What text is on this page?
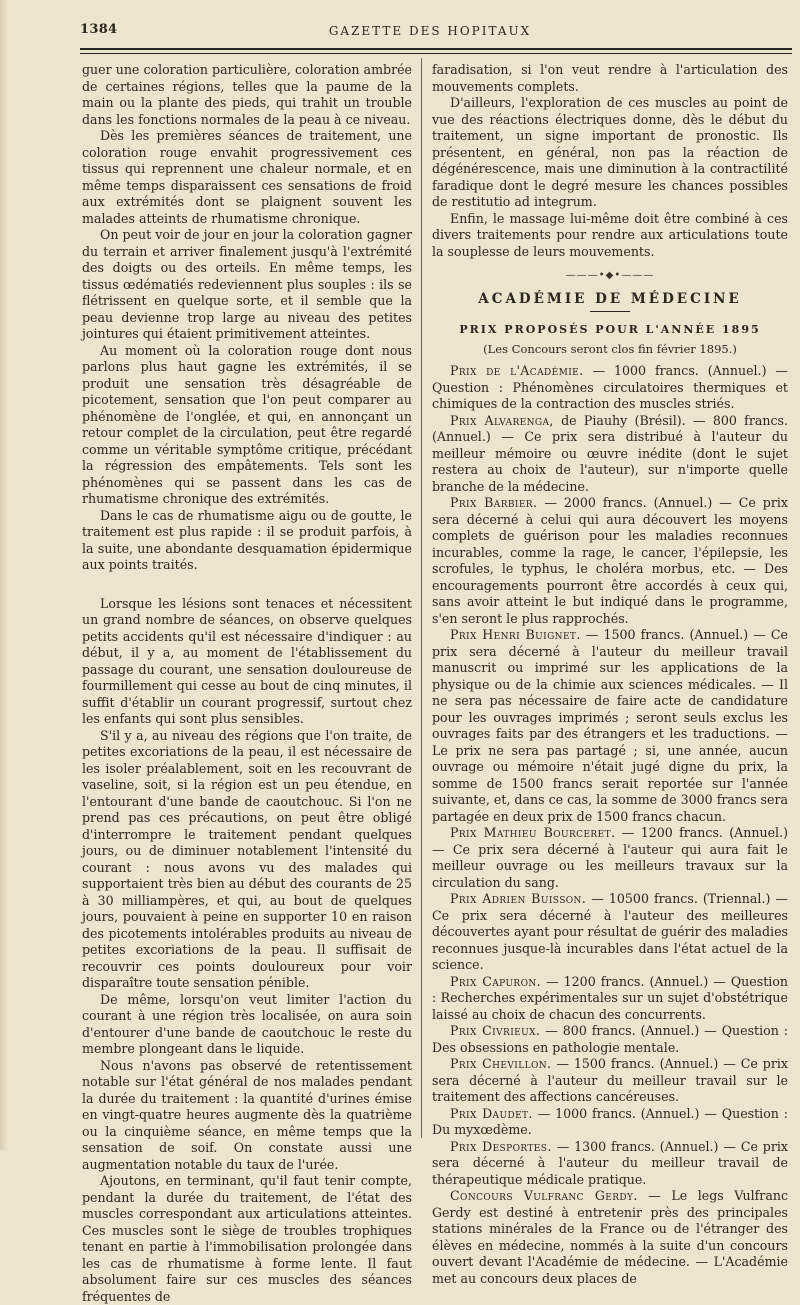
1384	GAZETTE DES HOPITAUX

guer une coloration particulière, coloration ambrée de certaines régions, telles que la paume de la main ou la plante des pieds, qui trahit un trouble dans les fonctions normales de la peau à ce niveau.

Dès les premières séances de traitement, une coloration rouge envahit progressivement ces tissus qui reprennent une chaleur normale, et en même temps disparaissent ces sensations de froid aux extrémités dont se plaignent souvent les malades atteints de rhumatisme chronique.

On peut voir de jour en jour la coloration gagner du terrain et arriver finalement jusqu'à l'extrémité des doigts ou des orteils. En même temps, les tissus œdématiés redeviennent plus souples : ils se flétrissent en quelque sorte, et il semble que la peau devienne trop large au niveau des petites jointures qui étaient primitivement atteintes.

Au moment où la coloration rouge dont nous parlons plus haut gagne les extrémités, il se produit une sensation très désagréable de picotement, sensation que l'on peut comparer au phénomène de l'onglée, et qui, en annonçant un retour complet de la circulation, peut être regardé comme un véritable symptôme critique, précédant la régression des empâtements. Tels sont les phénomènes qui se passent dans les cas de rhumatisme chronique des extrémités.

Dans le cas de rhumatisme aigu ou de goutte, le traitement est plus rapide : il se produit parfois, à la suite, une abondante desquamation épidermique aux points traités.

Lorsque les lésions sont tenaces et nécessitent un grand nombre de séances, on observe quelques petits accidents qu'il est nécessaire d'indiquer : au début, il y a, au moment de l'établissement du passage du courant, une sensation douloureuse de fourmillement qui cesse au bout de cinq minutes, il suffit d'établir un courant progressif, surtout chez les enfants qui sont plus sensibles.

S'il y a, au niveau des régions que l'on traite, de petites excoriations de la peau, il est nécessaire de les isoler préalablement, soit en les recouvrant de vaseline, soit, si la région est un peu étendue, en l'entourant d'une bande de caoutchouc. Si l'on ne prend pas ces précautions, on peut être obligé d'interrompre le traitement pendant quelques jours, ou de diminuer notablement l'intensité du courant : nous avons vu des malades qui supportaient très bien au début des courants de 25 à 30 milliampères, et qui, au bout de quelques jours, pouvaient à peine en supporter 10 en raison des picotements intolérables produits au niveau de petites excoriations de la peau. Il suffisait de recouvrir ces points douloureux pour voir disparaître toute sensation pénible.

De même, lorsqu'on veut limiter l'action du courant à une région très localisée, on aura soin d'entourer d'une bande de caoutchouc le reste du membre plongeant dans le liquide.

Nous n'avons pas observé de retentissement notable sur l'état général de nos malades pendant la durée du traitement : la quantité d'urines émise en vingt-quatre heures augmente dès la quatrième ou la cinquième séance, en même temps que la sensation de soif. On constate aussi une augmentation notable du taux de l'urée.

Ajoutons, en terminant, qu'il faut tenir compte, pendant la durée du traitement, de l'état des muscles correspondant aux articulations atteintes. Ces muscles sont le siège de troubles trophiques tenant en partie à l'immobilisation prolongée dans les cas de rhumatisme à forme lente. Il faut absolument faire sur ces muscles des séances fréquentes de

faradisation, si l'on veut rendre à l'articulation des mouvements complets.

D'ailleurs, l'exploration de ces muscles au point de vue des réactions électriques donne, dès le début du traitement, un signe important de pronostic. Ils présentent, en général, non pas la réaction de dégénérescence, mais une diminution à la contractilité faradique dont le degré mesure les chances possibles de restitutio ad integrum.

Enfin, le massage lui-même doit être combiné à ces divers traitements pour rendre aux articulations toute la souplesse de leurs mouvements.

———•◆•———
ACADÉMIE DE MÉDECINE
PRIX PROPOSÉS POUR L'ANNÉE 1895
(Les Concours seront clos fin février 1895.)

Prix de l'Académie. — 1000 francs. (Annuel.) — Question : Phénomènes circulatoires thermiques et chimiques de la contraction des muscles striés.

Prix Alvarenga, de Piauhy (Brésil). — 800 francs. (Annuel.) — Ce prix sera distribué à l'auteur du meilleur mémoire ou œuvre inédite (dont le sujet restera au choix de l'auteur), sur n'importe quelle branche de la médecine.

Prix Barbier. — 2000 francs. (Annuel.) — Ce prix sera décerné à celui qui aura découvert les moyens complets de guérison pour les maladies reconnues incurables, comme la rage, le cancer, l'épilepsie, les scrofules, le typhus, le choléra morbus, etc. — Des encouragements pourront être accordés à ceux qui, sans avoir atteint le but indiqué dans le programme, s'en seront le plus rapprochés.

Prix Henri Buignet. — 1500 francs. (Annuel.) — Ce prix sera décerné à l'auteur du meilleur travail manuscrit ou imprimé sur les applications de la physique ou de la chimie aux sciences médicales. — Il ne sera pas nécessaire de faire acte de candidature pour les ouvrages imprimés ; seront seuls exclus les ouvrages faits par des étrangers et les traductions. — Le prix ne sera pas partagé ; si, une année, aucun ouvrage ou mémoire n'était jugé digne du prix, la somme de 1500 francs serait reportée sur l'année suivante, et, dans ce cas, la somme de 3000 francs sera partagée en deux prix de 1500 francs chacun.

Prix Mathieu Bourceret. — 1200 francs. (Annuel.) — Ce prix sera décerné à l'auteur qui aura fait le meilleur ouvrage ou les meilleurs travaux sur la circulation du sang.

Prix Adrien Buisson. — 10500 francs. (Triennal.) — Ce prix sera décerné à l'auteur des meilleures découvertes ayant pour résultat de guérir des maladies reconnues jusque-là incurables dans l'état actuel de la science.

Prix Capuron. — 1200 francs. (Annuel.) — Question : Recherches expérimentales sur un sujet d'obstétrique laissé au choix de chacun des concurrents.

Prix Civrieux. — 800 francs. (Annuel.) — Question : Des obsessions en pathologie mentale.

Prix Chevillon. — 1500 francs. (Annuel.) — Ce prix sera décerné à l'auteur du meilleur travail sur le traitement des affections cancéreuses.

Prix Daudet. — 1000 francs. (Annuel.) — Question : Du myxœdème.

Prix Desportes. — 1300 francs. (Annuel.) — Ce prix sera décerné à l'auteur du meilleur travail de thérapeutique médicale pratique.

Concours Vulfranc Gerdy. — Le legs Vulfranc Gerdy est destiné à entretenir près des principales stations minérales de la France ou de l'étranger des élèves en médecine, nommés à la suite d'un concours ouvert devant l'Académie de médecine. — L'Académie met au concours deux places de
